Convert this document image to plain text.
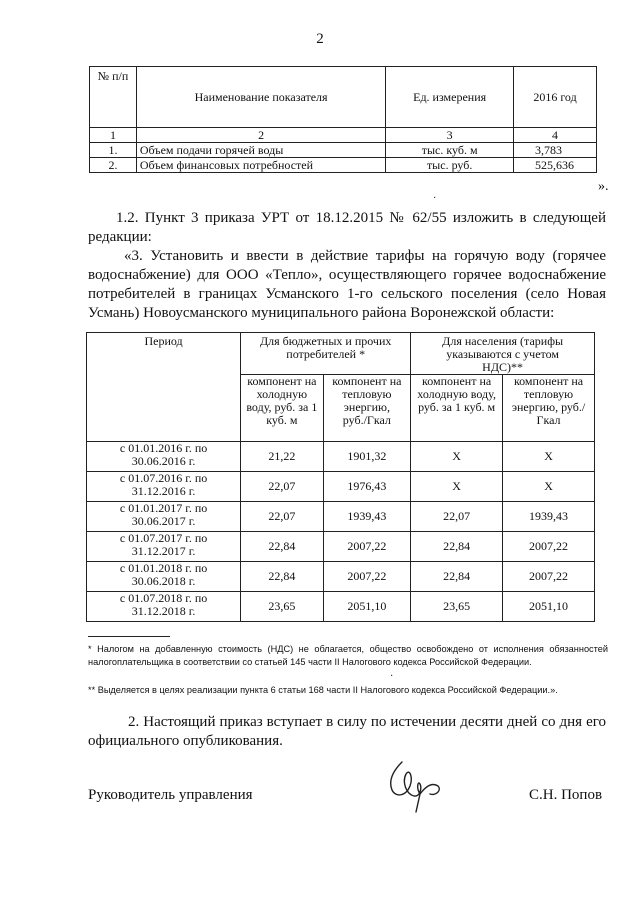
2
№ п/п	Наименование показателя	Ед. измерения	2016 год
1	2	3	4
1.	Объем подачи горячей воды	тыс. куб. м	3,783
2.	Объем финансовых потребностей	тыс. руб.	525,636
».
·

1.2. Пункт 3 приказа УРТ от 18.12.2015 № 62/55 изложить в следующей редакции:

«3. Установить и ввести в действие тарифы на горячую воду (горячее водоснабжение) для ООО «Тепло», осуществляющего горячее водоснабжение потребителей в границах Усманского 1-го сельского поселения (село Новая Усмань) Новоусманского муниципального района Воронежской области:

Период	Для бюджетных и прочих потребителей *		Для населения (тарифы указываются с учетом НДС)**	
	компонент на холодную воду, руб. за 1 куб. м	компонент на тепловую энергию, руб./Гкал	компонент на холодную воду, руб. за 1 куб. м	компонент на тепловую энергию, руб./Гкал
с 01.01.2016 г. по 30.06.2016 г.	21,22	1901,32	Х	Х
с 01.07.2016 г. по 31.12.2016 г.	22,07	1976,43	Х	Х
с 01.01.2017 г. по 30.06.2017 г.	22,07	1939,43	22,07	1939,43
с 01.07.2017 г. по 31.12.2017 г.	22,84	2007,22	22,84	2007,22
с 01.01.2018 г. по 30.06.2018 г.	22,84	2007,22	22,84	2007,22
с 01.07.2018 г. по 31.12.2018 г.	23,65	2051,10	23,65	2051,10

* Налогом на добавленную стоимость (НДС) не облагается, общество освобождено от исполнения обязанностей налогоплательщика в соответствии со статьей 145 части II Налогового кодекса Российской Федерации.

·

** Выделяется в целях реализации пункта 6 статьи 168 части II Налогового кодекса Российской Федерации.».

2. Настоящий приказ вступает в силу по истечении десяти дней со дня его официального опубликования.

Руководитель управления	С.Н. Попов
